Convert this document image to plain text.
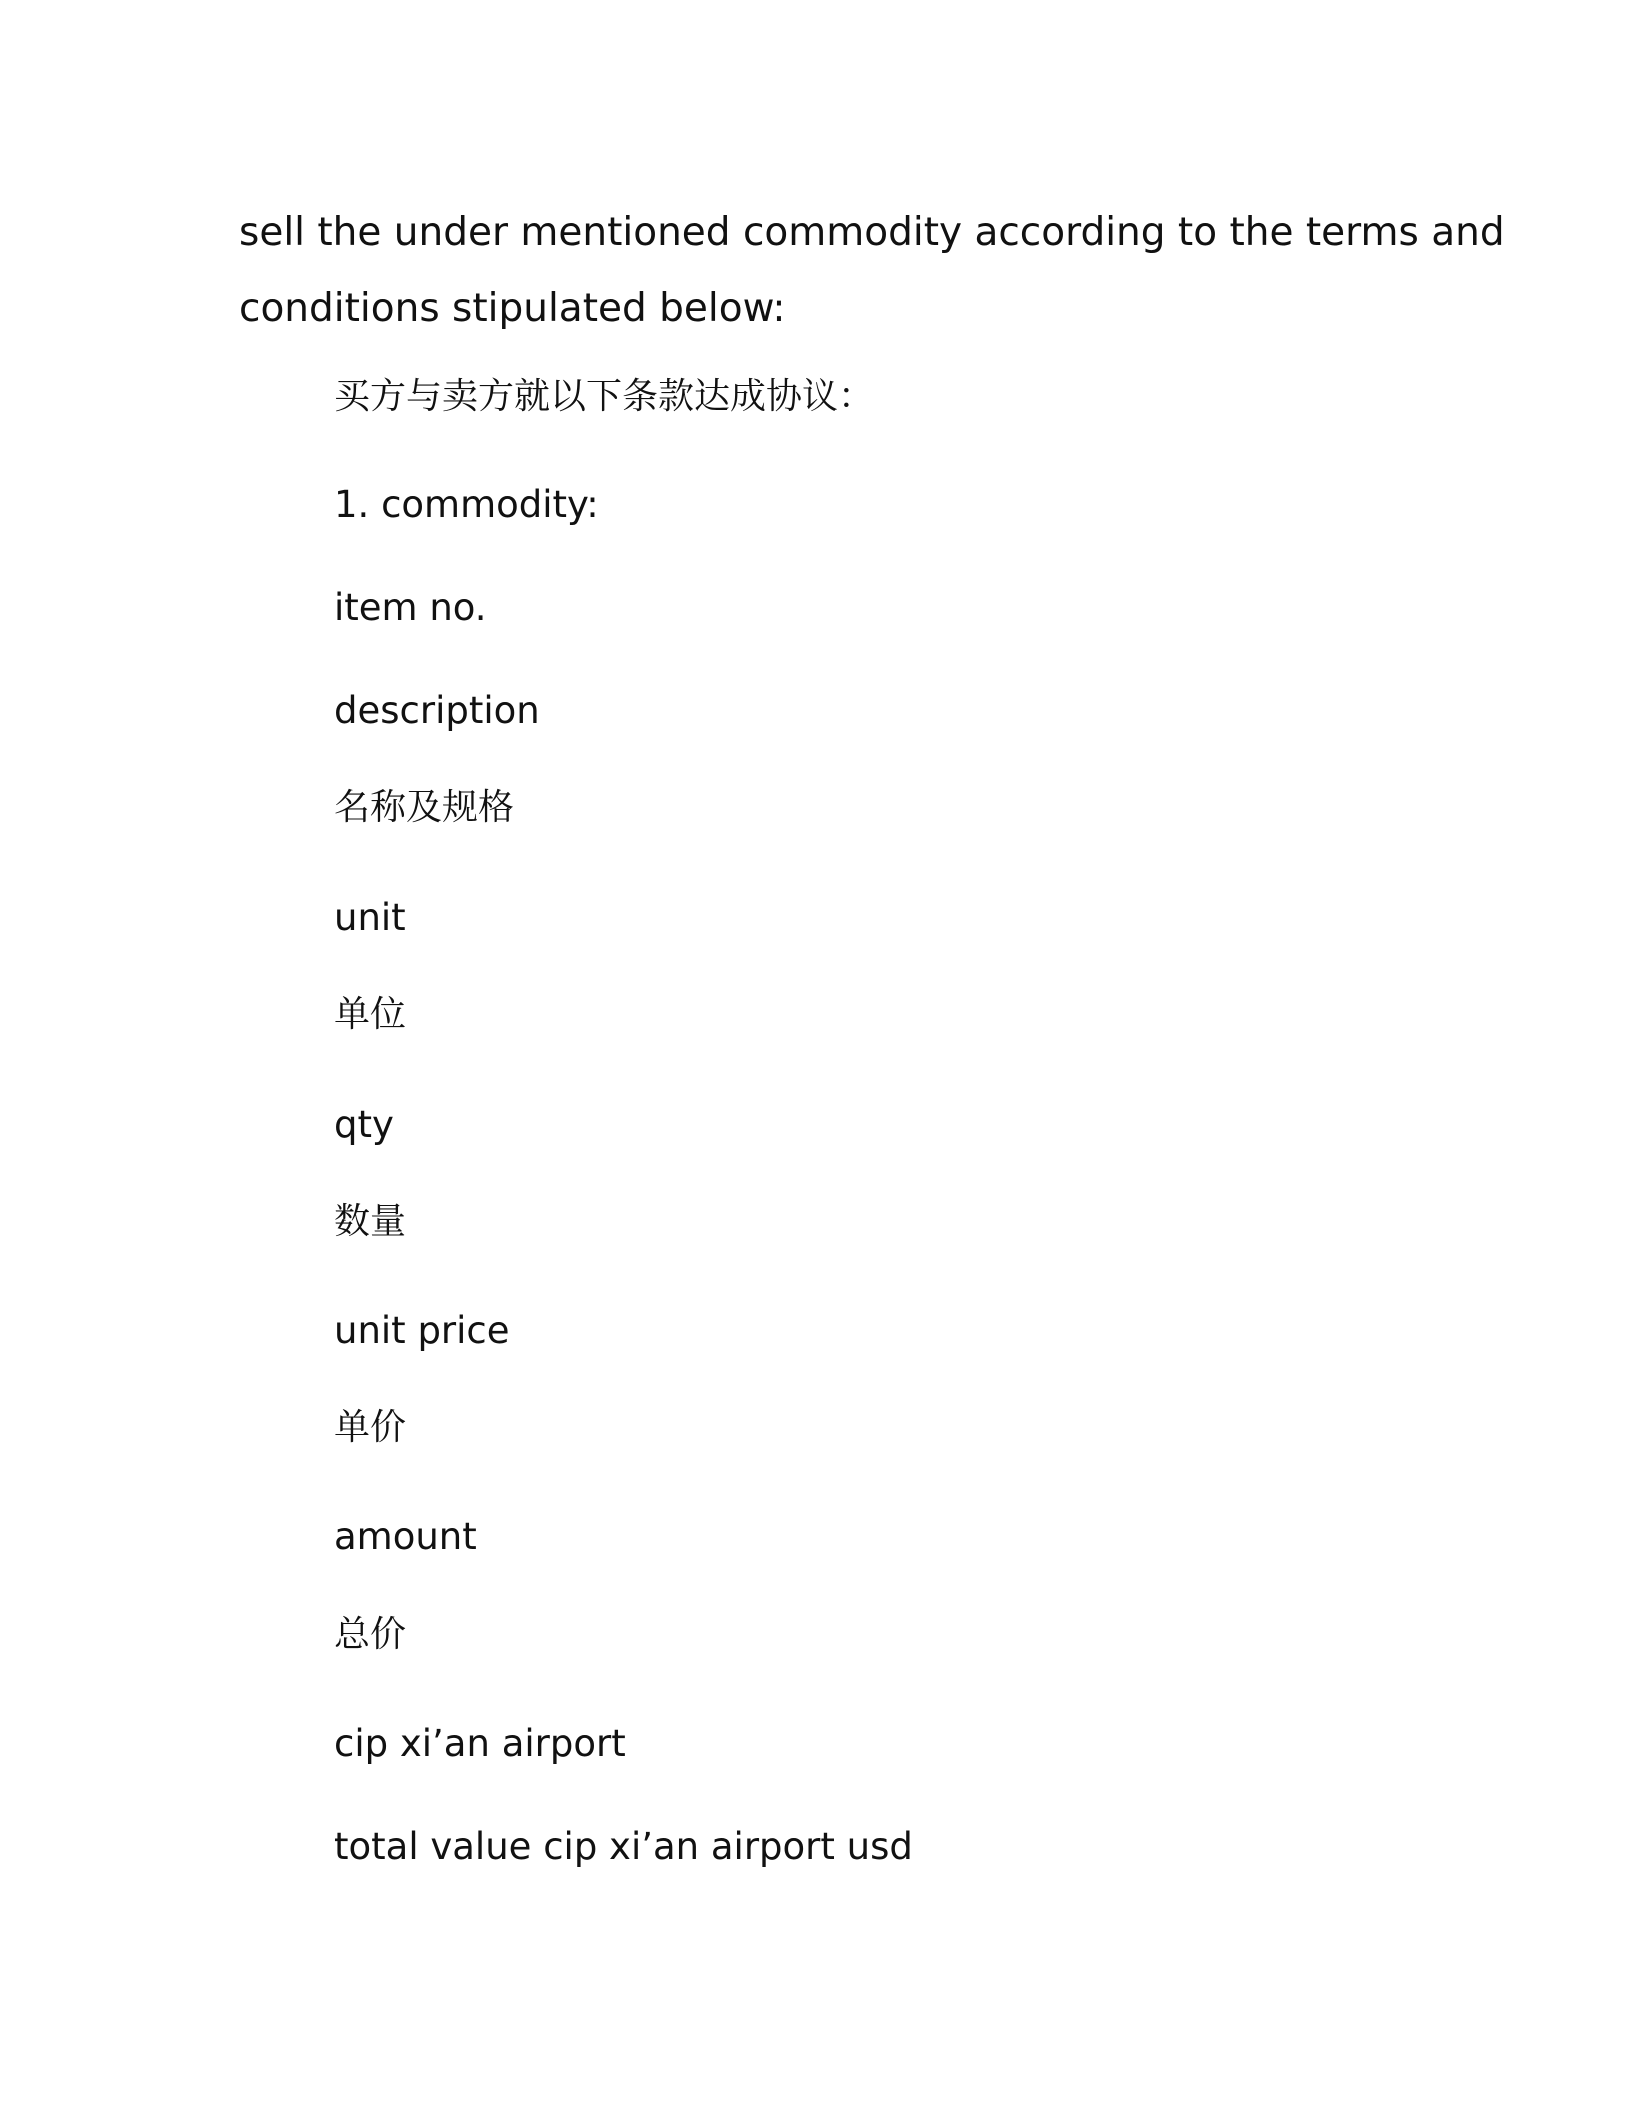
sell the under mentioned commodity according to the terms and
conditions stipulated below:
买方与卖方就以下条款达成协议：
1. commodity:
item no.
description
名称及规格
unit
单位
qty
数量
unit price
单价
amount
总价
cip xi’an airport
total value cip xi’an airport usd
